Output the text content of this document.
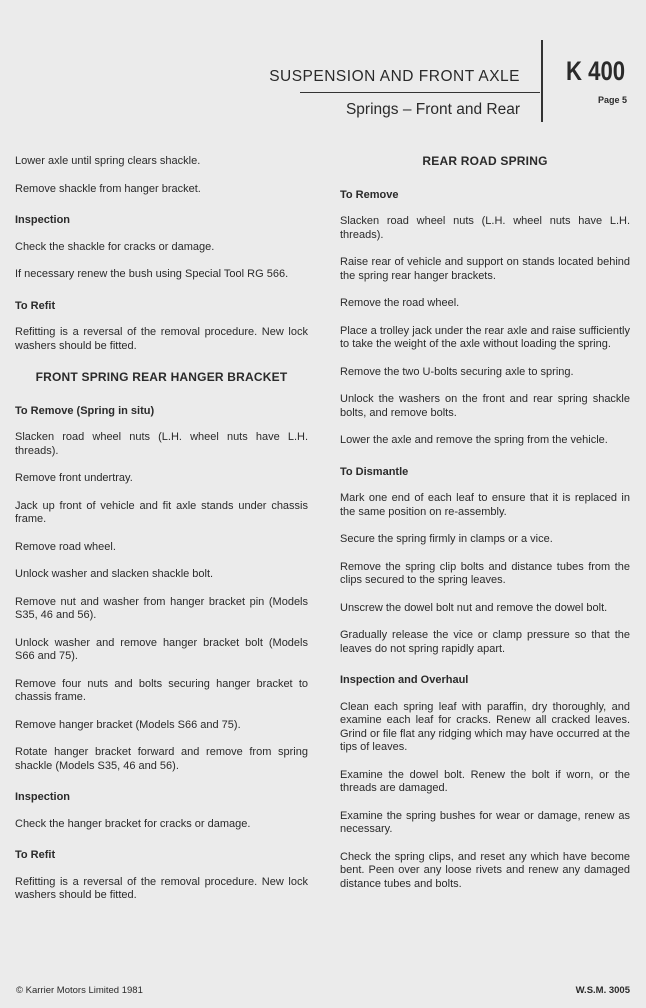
SUSPENSION AND FRONT AXLE
Springs – Front and Rear
K 400
Page 5
Lower axle until spring clears shackle.
Remove shackle from hanger bracket.
Inspection
Check the shackle for cracks or damage.
If necessary renew the bush using Special Tool RG 566.
To Refit
Refitting is a reversal of the removal procedure. New lock washers should be fitted.
FRONT SPRING REAR HANGER BRACKET
To Remove (Spring in situ)
Slacken road wheel nuts (L.H. wheel nuts have L.H. threads).
Remove front undertray.
Jack up front of vehicle and fit axle stands under chassis frame.
Remove road wheel.
Unlock washer and slacken shackle bolt.
Remove nut and washer from hanger bracket pin (Models S35, 46 and 56).
Unlock washer and remove hanger bracket bolt (Models S66 and 75).
Remove four nuts and bolts securing hanger bracket to chassis frame.
Remove hanger bracket (Models S66 and 75).
Rotate hanger bracket forward and remove from spring shackle (Models S35, 46 and 56).
Inspection
Check the hanger bracket for cracks or damage.
To Refit
Refitting is a reversal of the removal procedure. New lock washers should be fitted.
REAR ROAD SPRING
To Remove
Slacken road wheel nuts (L.H. wheel nuts have L.H. threads).
Raise rear of vehicle and support on stands located behind the spring rear hanger brackets.
Remove the road wheel.
Place a trolley jack under the rear axle and raise sufficiently to take the weight of the axle without loading the spring.
Remove the two U-bolts securing axle to spring.
Unlock the washers on the front and rear spring shackle bolts, and remove bolts.
Lower the axle and remove the spring from the vehicle.
To Dismantle
Mark one end of each leaf to ensure that it is replaced in the same position on re-assembly.
Secure the spring firmly in clamps or a vice.
Remove the spring clip bolts and distance tubes from the clips secured to the spring leaves.
Unscrew the dowel bolt nut and remove the dowel bolt.
Gradually release the vice or clamp pressure so that the leaves do not spring rapidly apart.
Inspection and Overhaul
Clean each spring leaf with paraffin, dry thoroughly, and examine each leaf for cracks. Renew all cracked leaves. Grind or file flat any ridging which may have occurred at the tips of leaves.
Examine the dowel bolt. Renew the bolt if worn, or the threads are damaged.
Examine the spring bushes for wear or damage, renew as necessary.
Check the spring clips, and reset any which have become bent. Peen over any loose rivets and renew any damaged distance tubes and bolts.
© Karrier Motors Limited 1981	W.S.M. 3005
